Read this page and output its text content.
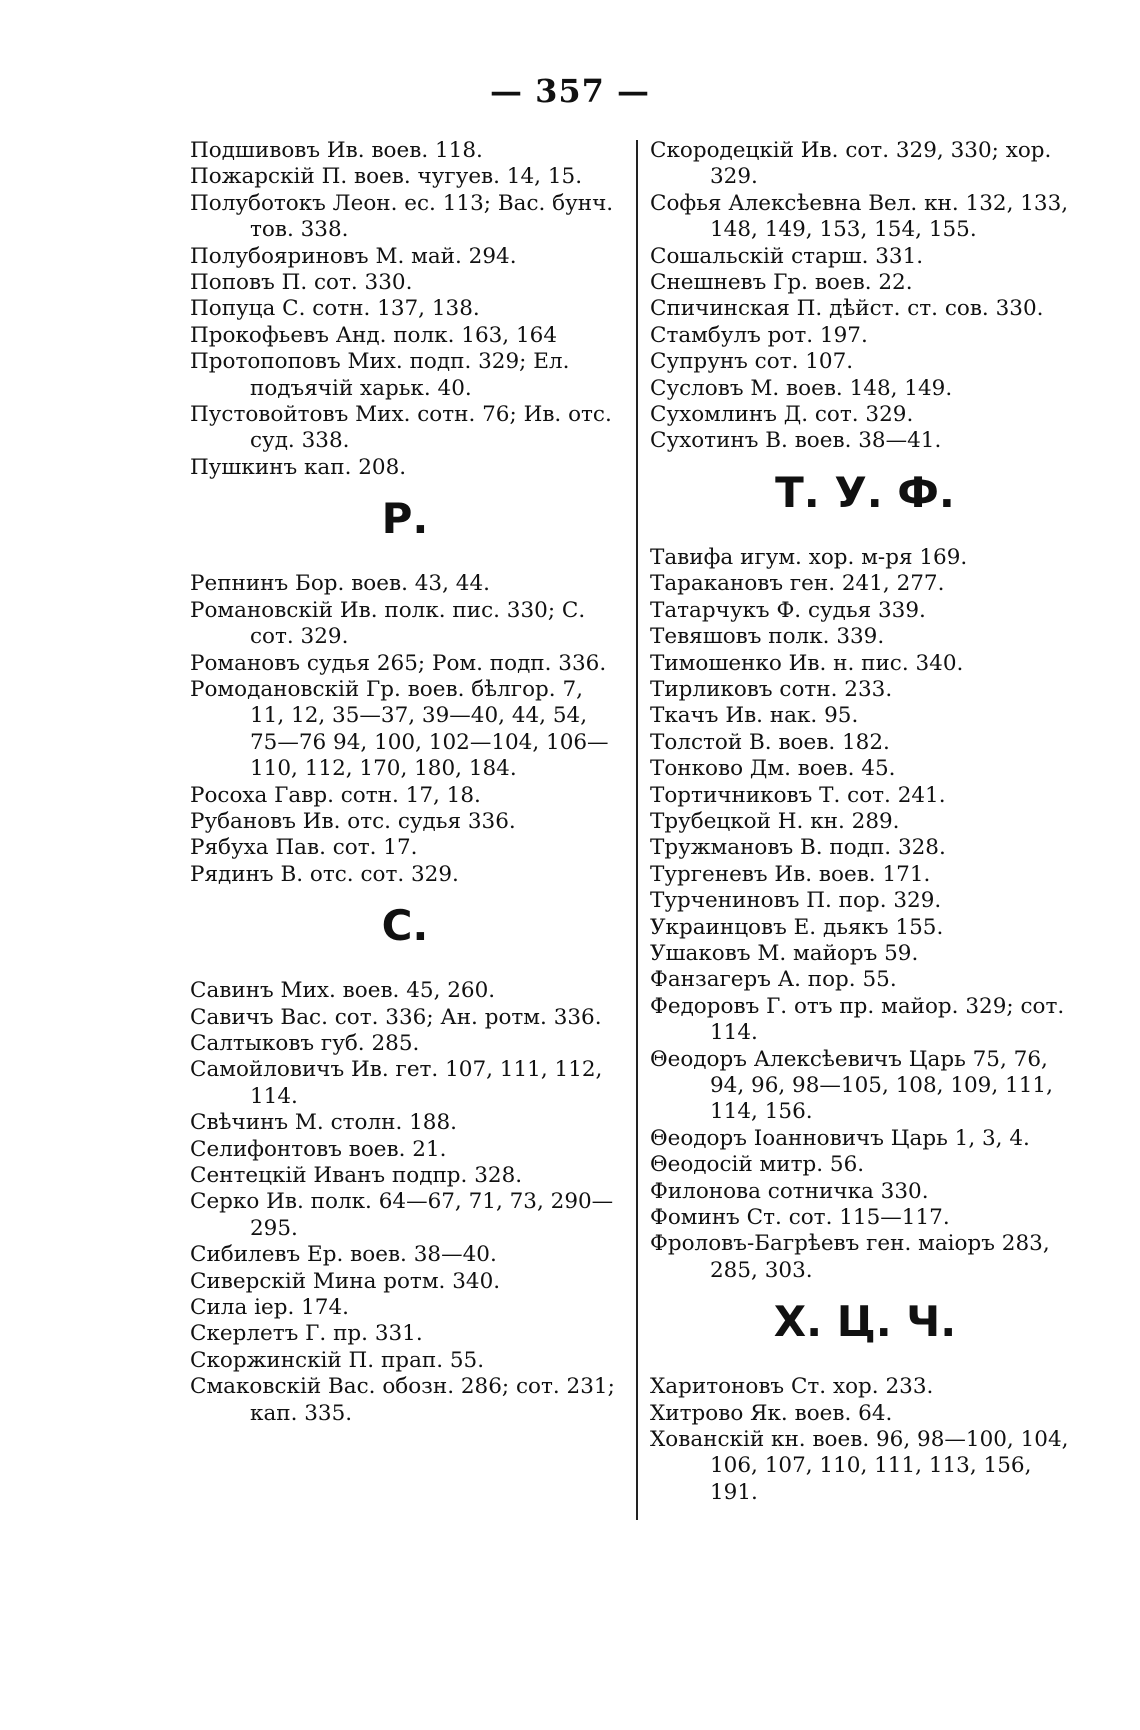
— 357 —
Подшивовъ Ив. воев. 118.
Пожарскій П. воев. чугуев. 14, 15.
Полуботокъ Леон. ес. 113; Вас. бунч. тов. 338.
Полубояриновъ М. май. 294.
Поповъ П. сот. 330.
Попуца С. сотн. 137, 138.
Прокофьевъ Анд. полк. 163, 164
Протопоповъ Мих. подп. 329; Ел. подъячій харьк. 40.
Пустовойтовъ Мих. сотн. 76; Ив. отс. суд. 338.
Пушкинъ кап. 208.
Р.
Репнинъ Бор. воев. 43, 44.
Романовскій Ив. полк. пис. 330; С. сот. 329.
Романовъ судья 265; Ром. подп. 336.
Ромодановскій Гр. воев. бѣлгор. 7, 11, 12, 35—37, 39—40, 44, 54, 75—76 94, 100, 102—104, 106—110, 112, 170, 180, 184.
Росоха Гавр. сотн. 17, 18.
Рубановъ Ив. отс. судья 336.
Рябуха Пав. сот. 17.
Рядинъ В. отс. сот. 329.
С.
Савинъ Мих. воев. 45, 260.
Савичъ Вас. сот. 336; Ан. ротм. 336.
Салтыковъ губ. 285.
Самойловичъ Ив. гет. 107, 111, 112, 114.
Свѣчинъ М. столн. 188.
Селифонтовъ воев. 21.
Сентецкій Иванъ подпр. 328.
Серко Ив. полк. 64—67, 71, 73, 290—295.
Сибилевъ Ер. воев. 38—40.
Сиверскій Мина ротм. 340.
Сила іер. 174.
Скерлетъ Г. пр. 331.
Скоржинскій П. прап. 55.
Смаковскій Вас. обозн. 286; сот. 231; кап. 335.
Скородецкій Ив. сот. 329, 330; хор. 329.
Софья Алексѣевна Вел. кн. 132, 133, 148, 149, 153, 154, 155.
Сошальскій старш. 331.
Снешневъ Гр. воев. 22.
Спичинская П. дѣйст. ст. сов. 330.
Стамбулъ рот. 197.
Супрунъ сот. 107.
Сусловъ М. воев. 148, 149.
Сухомлинъ Д. сот. 329.
Сухотинъ В. воев. 38—41.
Т. У. Ф.
Тавифа игум. хор. м-ря 169.
Таракановъ ген. 241, 277.
Татарчукъ Ф. судья 339.
Тевяшовъ полк. 339.
Тимошенко Ив. н. пис. 340.
Тирликовъ сотн. 233.
Ткачъ Ив. нак. 95.
Толстой В. воев. 182.
Тонково Дм. воев. 45.
Тортичниковъ Т. сот. 241.
Трубецкой Н. кн. 289.
Тружмановъ В. подп. 328.
Тургеневъ Ив. воев. 171.
Турчениновъ П. пор. 329.
Украинцовъ Е. дьякъ 155.
Ушаковъ М. майоръ 59.
Фанзагеръ А. пор. 55.
Федоровъ Г. отъ пр. майор. 329; сот. 114.
Θеодоръ Алексѣевичъ Царь 75, 76, 94, 96, 98—105, 108, 109, 111, 114, 156.
Θеодоръ Іоанновичъ Царь 1, 3, 4.
Θеодосій митр. 56.
Филонова сотничка 330.
Фоминъ Ст. сот. 115—117.
Фроловъ-Багрѣевъ ген. маіоръ 283, 285, 303.
Х. Ц. Ч.
Харитоновъ Ст. хор. 233.
Хитрово Як. воев. 64.
Хованскій кн. воев. 96, 98—100, 104, 106, 107, 110, 111, 113, 156, 191.
